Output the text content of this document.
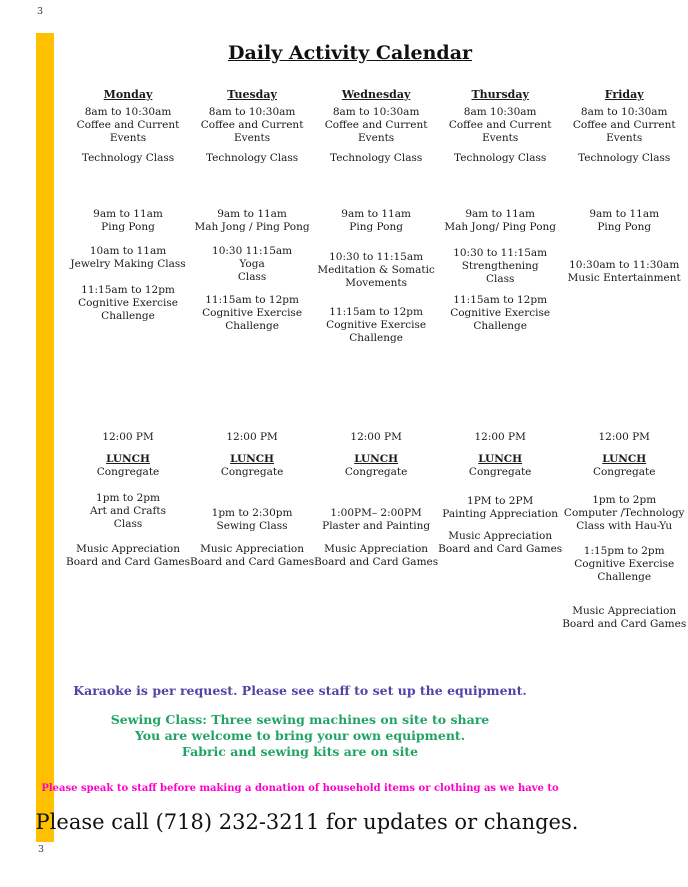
3
Daily Activity Calendar
Monday
8am to 10:30am
Coffee and Current
Events
Technology Class
9am to 11am
Ping Pong
10am to 11am
Jewelry Making Class
11:15am to 12pm
Cognitive Exercise
Challenge
12:00 PM
LUNCH
Congregate
1pm to 2pm
Art and Crafts
Class
Music Appreciation
Board and Card Games
Tuesday
8am to 10:30am
Coffee and Current
Events
Technology Class
9am to 11am
Mah Jong / Ping Pong
10:30 11:15am
Yoga
Class
11:15am to 12pm
Cognitive Exercise
Challenge
12:00 PM
LUNCH
Congregate
1pm to 2:30pm
Sewing Class
Music Appreciation
Board and Card Games
Wednesday
8am to 10:30am
Coffee and Current
Events
Technology Class
9am to 11am
Ping Pong
10:30 to 11:15am
Meditation & Somatic
Movements
11:15am to 12pm
Cognitive Exercise
Challenge
12:00 PM
LUNCH
Congregate
1:00PM– 2:00PM
Plaster and Painting
Music Appreciation
Board and Card Games
Thursday
8am 10:30am
Coffee and Current
Events
Technology Class
9am to 11am
Mah Jong/ Ping Pong
10:30 to 11:15am
Strengthening
Class
11:15am to 12pm
Cognitive Exercise
Challenge
12:00 PM
LUNCH
Congregate
1PM to 2PM
Painting Appreciation
Music Appreciation
Board and Card Games
Friday
8am to 10:30am
Coffee and Current
Events
Technology Class
9am to 11am
Ping Pong
10:30am to 11:30am
Music Entertainment
12:00 PM
LUNCH
Congregate
1pm to 2pm
Computer /Technology
Class with Hau-Yu
1:15pm to 2pm
Cognitive Exercise
Challenge
Music Appreciation
Board and Card Games
Karaoke is per request. Please see staff to set up the equipment.
Sewing Class: Three sewing machines on site to share
You are welcome to bring your own equipment.
Fabric and sewing kits are on site
Please speak to staff before making a donation of household items or clothing as we have to
Please call (718) 232-3211 for updates or changes.
3
